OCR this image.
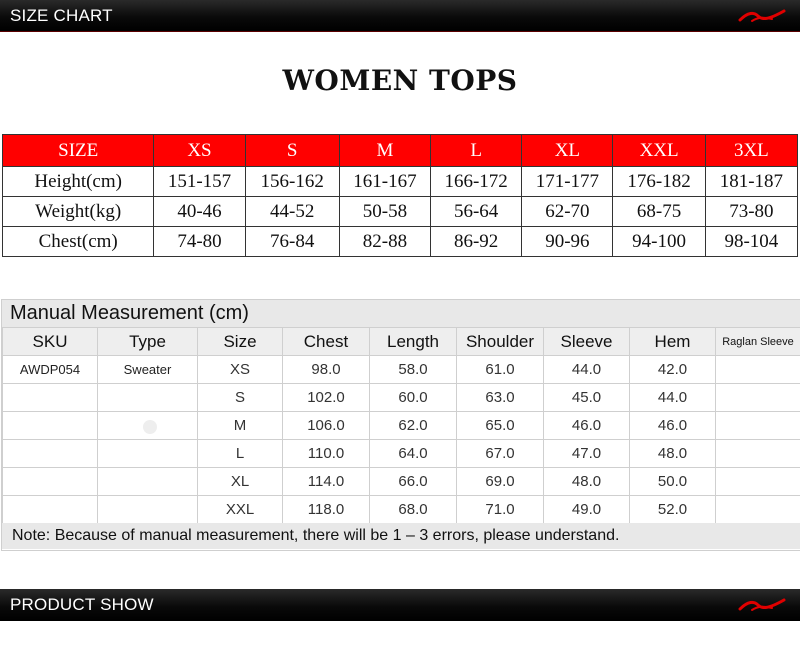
SIZE CHART
WOMEN TOPS
SIZE	XS	S	M	L	XL	XXL	3XL
Height(cm)	151-157	156-162	161-167	166-172	171-177	176-182	181-187
Weight(kg)	40-46	44-52	50-58	56-64	62-70	68-75	73-80
Chest(cm)	74-80	76-84	82-88	86-92	90-96	94-100	98-104
Manual Measurement (cm)
SKU	Type	Size	Chest	Length	Shoulder	Sleeve	Hem	Raglan Sleeve
AWDP054	Sweater	XS	98.0	58.0	61.0	44.0	42.0	
		S	102.0	60.0	63.0	45.0	44.0	
		M	106.0	62.0	65.0	46.0	46.0	
		L	110.0	64.0	67.0	47.0	48.0	
		XL	114.0	66.0	69.0	48.0	50.0	
		XXL	118.0	68.0	71.0	49.0	52.0	
Note: Because of manual measurement, there will be 1 – 3 errors, please understand.
PRODUCT SHOW
